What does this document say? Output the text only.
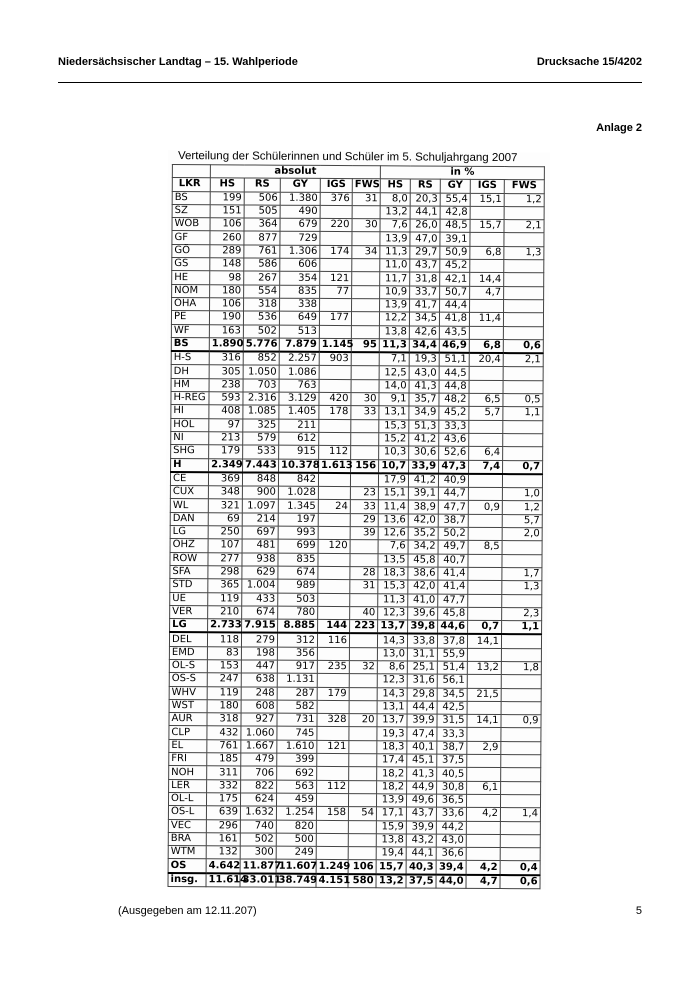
Niedersächsischer Landtag – 15. Wahlperiode	Drucksache 15/4202
Anlage 2
Verteilung der Schülerinnen und Schüler im 5. Schuljahrgang 2007
	absolut					in %				
LKR	HS	RS	GY	IGS	FWS	HS	RS	GY	IGS	FWS
BS	199	506	1.380	376	31	8,0	20,3	55,4	15,1	1,2
SZ	151	505	490			13,2	44,1	42,8		
WOB	106	364	679	220	30	7,6	26,0	48,5	15,7	2,1
GF	260	877	729			13,9	47,0	39,1		
GÖ	289	761	1.306	174	34	11,3	29,7	50,9	6,8	1,3
GS	148	586	606			11,0	43,7	45,2		
HE	98	267	354	121		11,7	31,8	42,1	14,4	
NOM	180	554	835	77		10,9	33,7	50,7	4,7	
OHA	106	318	338			13,9	41,7	44,4		
PE	190	536	649	177		12,2	34,5	41,8	11,4	
WF	163	502	513			13,8	42,6	43,5		
BS	1.890	5.776	7.879	1.145	95	11,3	34,4	46,9	6,8	0,6
H-S	316	852	2.257	903		7,1	19,3	51,1	20,4	2,1
DH	305	1.050	1.086			12,5	43,0	44,5		
HM	238	703	763			14,0	41,3	44,8		
H-REG	593	2.316	3.129	420	30	9,1	35,7	48,2	6,5	0,5
HI	408	1.085	1.405	178	33	13,1	34,9	45,2	5,7	1,1
HOL	97	325	211			15,3	51,3	33,3		
NI	213	579	612			15,2	41,2	43,6		
SHG	179	533	915	112		10,3	30,6	52,6	6,4	
H	2.349	7.443	10.378	1.613	156	10,7	33,9	47,3	7,4	0,7
CE	369	848	842			17,9	41,2	40,9		
CUX	348	900	1.028		23	15,1	39,1	44,7		1,0
WL	321	1.097	1.345	24	33	11,4	38,9	47,7	0,9	1,2
DAN	69	214	197		29	13,6	42,0	38,7		5,7
LG	250	697	993		39	12,6	35,2	50,2		2,0
OHZ	107	481	699	120		7,6	34,2	49,7	8,5	
ROW	277	938	835			13,5	45,8	40,7		
SFA	298	629	674		28	18,3	38,6	41,4		1,7
STD	365	1.004	989		31	15,3	42,0	41,4		1,3
UE	119	433	503			11,3	41,0	47,7		
VER	210	674	780		40	12,3	39,6	45,8		2,3
LG	2.733	7.915	8.885	144	223	13,7	39,8	44,6	0,7	1,1
DEL	118	279	312	116		14,3	33,8	37,8	14,1	
EMD	83	198	356			13,0	31,1	55,9		
OL-S	153	447	917	235	32	8,6	25,1	51,4	13,2	1,8
OS-S	247	638	1.131			12,3	31,6	56,1		
WHV	119	248	287	179		14,3	29,8	34,5	21,5	
WST	180	608	582			13,1	44,4	42,5		
AUR	318	927	731	328	20	13,7	39,9	31,5	14,1	0,9
CLP	432	1.060	745			19,3	47,4	33,3		
EL	761	1.667	1.610	121		18,3	40,1	38,7	2,9	
FRI	185	479	399			17,4	45,1	37,5		
NOH	311	706	692			18,2	41,3	40,5		
LER	332	822	563	112		18,2	44,9	30,8	6,1	
OL-L	175	624	459			13,9	49,6	36,5		
OS-L	639	1.632	1.254	158	54	17,1	43,7	33,6	4,2	1,4
VEC	296	740	820			15,9	39,9	44,2		
BRA	161	502	500			13,8	43,2	43,0		
WTM	132	300	249			19,4	44,1	36,6		
OS	4.642	11.877	11.607	1.249	106	15,7	40,3	39,4	4,2	0,4
insg.	11.614	33.011	38.749	4.151	580	13,2	37,5	44,0	4,7	0,6
(Ausgegeben am 12.11.207)	5
